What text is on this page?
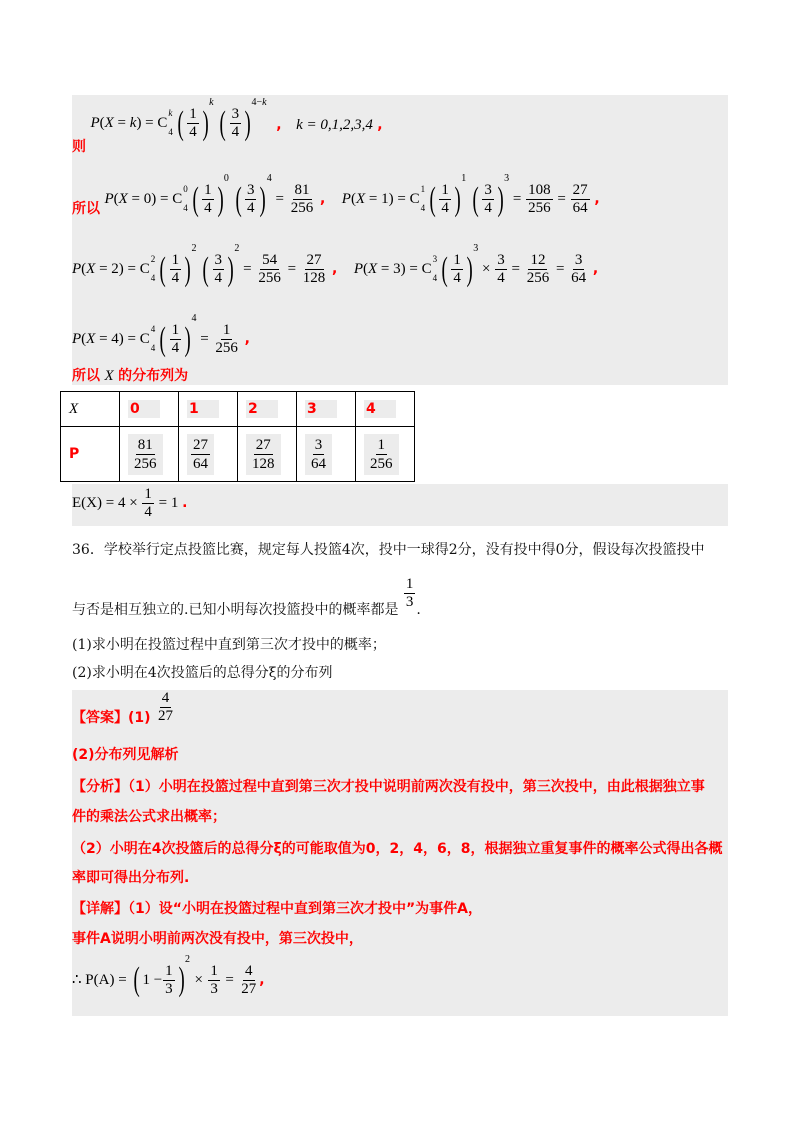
则 P(X = k) = C
k
4
( $\frac{1}{4}$ )
$^k$
( $\frac{3}{4}$ )
$^{4-k}$ , k = 0,1,2,3,4 ,
所以 P(X = 0) = C
0
4
( $\frac{1}{4}$ )
$^0$
( $\frac{3}{4}$ )
$^4 = \frac{81}{256}$ , P(X = 1) = C
1
4
( $\frac{1}{4}$ )
$^1$
( $\frac{3}{4}$ )
$^3 = \frac{108}{256} = \frac{27}{64}$ ,
P(X = 2) = C
2
4
( $\frac{1}{4}$ )
$^2$
( $\frac{3}{4}$ )
$^2 = \frac{54}{256} = \frac{27}{128}$ , P(X = 3) = C
3
4
( $\frac{1}{4}$ )
$^3 \times \frac{3}{4} = \frac{12}{256} = \frac{3}{64}$ ,
P(X = 4) = C
4
4
( $\frac{1}{4}$ )
$^4 = \frac{1}{256}$ ,
所以 X 的分布列为
X	0	1	2	3	4
P	$\frac{81}{256}$	$\frac{27}{64}$	$\frac{27}{128}$	$\frac{3}{64}$	$\frac{1}{256}$
$E(X) = 4 \times \frac{1}{4} = 1$ .
36．学校举行定点投篮比赛，规定每人投篮4次，投中一球得2分，没有投中得0分，假设每次投篮投中
与否是相互独立的.已知小明每次投篮投中的概率都是 $\frac{1}{3}$ .
(1)求小明在投篮过程中直到第三次才投中的概率；
(2)求小明在4次投篮后的总得分ξ的分布列
【答案】$(1) \frac{4}{27}$
(2)分布列见解析
【分析】（1）小明在投篮过程中直到第三次才投中说明前两次没有投中，第三次投中，由此根据独立事
件的乘法公式求出概率；
（2）小明在4次投篮后的总得分ξ的可能取值为0，2，4，6，8，根据独立重复事件的概率公式得出各概
率即可得出分布列.
【详解】（1）设“小明在投篮过程中直到第三次才投中”为事件A，
事件A说明小明前两次没有投中，第三次投中，
∴ P(A) = ( $1 - \frac{1}{3}$ )
$^2 \times \frac{1}{3} = \frac{4}{27}$ ,
